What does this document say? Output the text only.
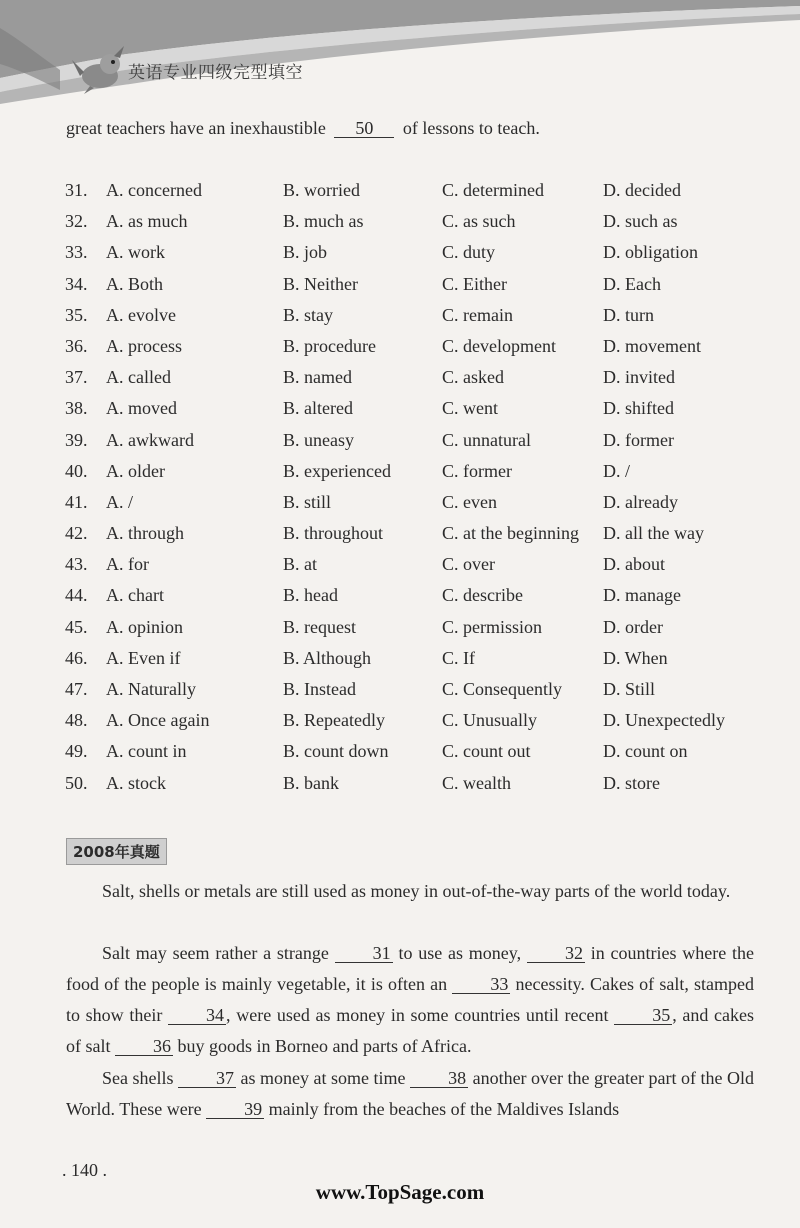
英语专业四级完型填空
great teachers have an inexhaustible 50 of lessons to teach.
31. A. concerned	B. worried	C. determined	D. decided
32. A. as much	B. much as	C. as such	D. such as
33. A. work	B. job	C. duty	D. obligation
34. A. Both	B. Neither	C. Either	D. Each
35. A. evolve	B. stay	C. remain	D. turn
36. A. process	B. procedure	C. development	D. movement
37. A. called	B. named	C. asked	D. invited
38. A. moved	B. altered	C. went	D. shifted
39. A. awkward	B. uneasy	C. unnatural	D. former
40. A. older	B. experienced	C. former	D. /
41. A. /	B. still	C. even	D. already
42. A. through	B. throughout	C. at the beginning D. all the way
43. A. for	B. at	C. over	D. about
44. A. chart	B. head	C. describe	D. manage
45. A. opinion	B. request	C. permission	D. order
46. A. Even if	B. Although	C. If	D. When
47. A. Naturally	B. Instead	C. Consequently D. Still
48. A. Once again	B. Repeatedly	C. Unusually	D. Unexpectedly
49. A. count in	B. count down	C. count out	D. count on
50. A. stock	B. bank	C. wealth	D. store
2008年真题
Salt, shells or metals are still used as money in out-of-the-way parts of the world today.
Salt may seem rather a strange 31 to use as money, 32 in countries where the food of the people is mainly vegetable, it is often an 33 necessity. Cakes of salt, stamped to show their 34 , were used as money in some countries until recent 35 , and cakes of salt 36 buy goods in Borneo and parts of Africa.
Sea shells 37 as money at some time 38 another over the greater part of the Old World. These were 39 mainly from the beaches of the Maldives Islands
. 140 .
www.TopSage.com
